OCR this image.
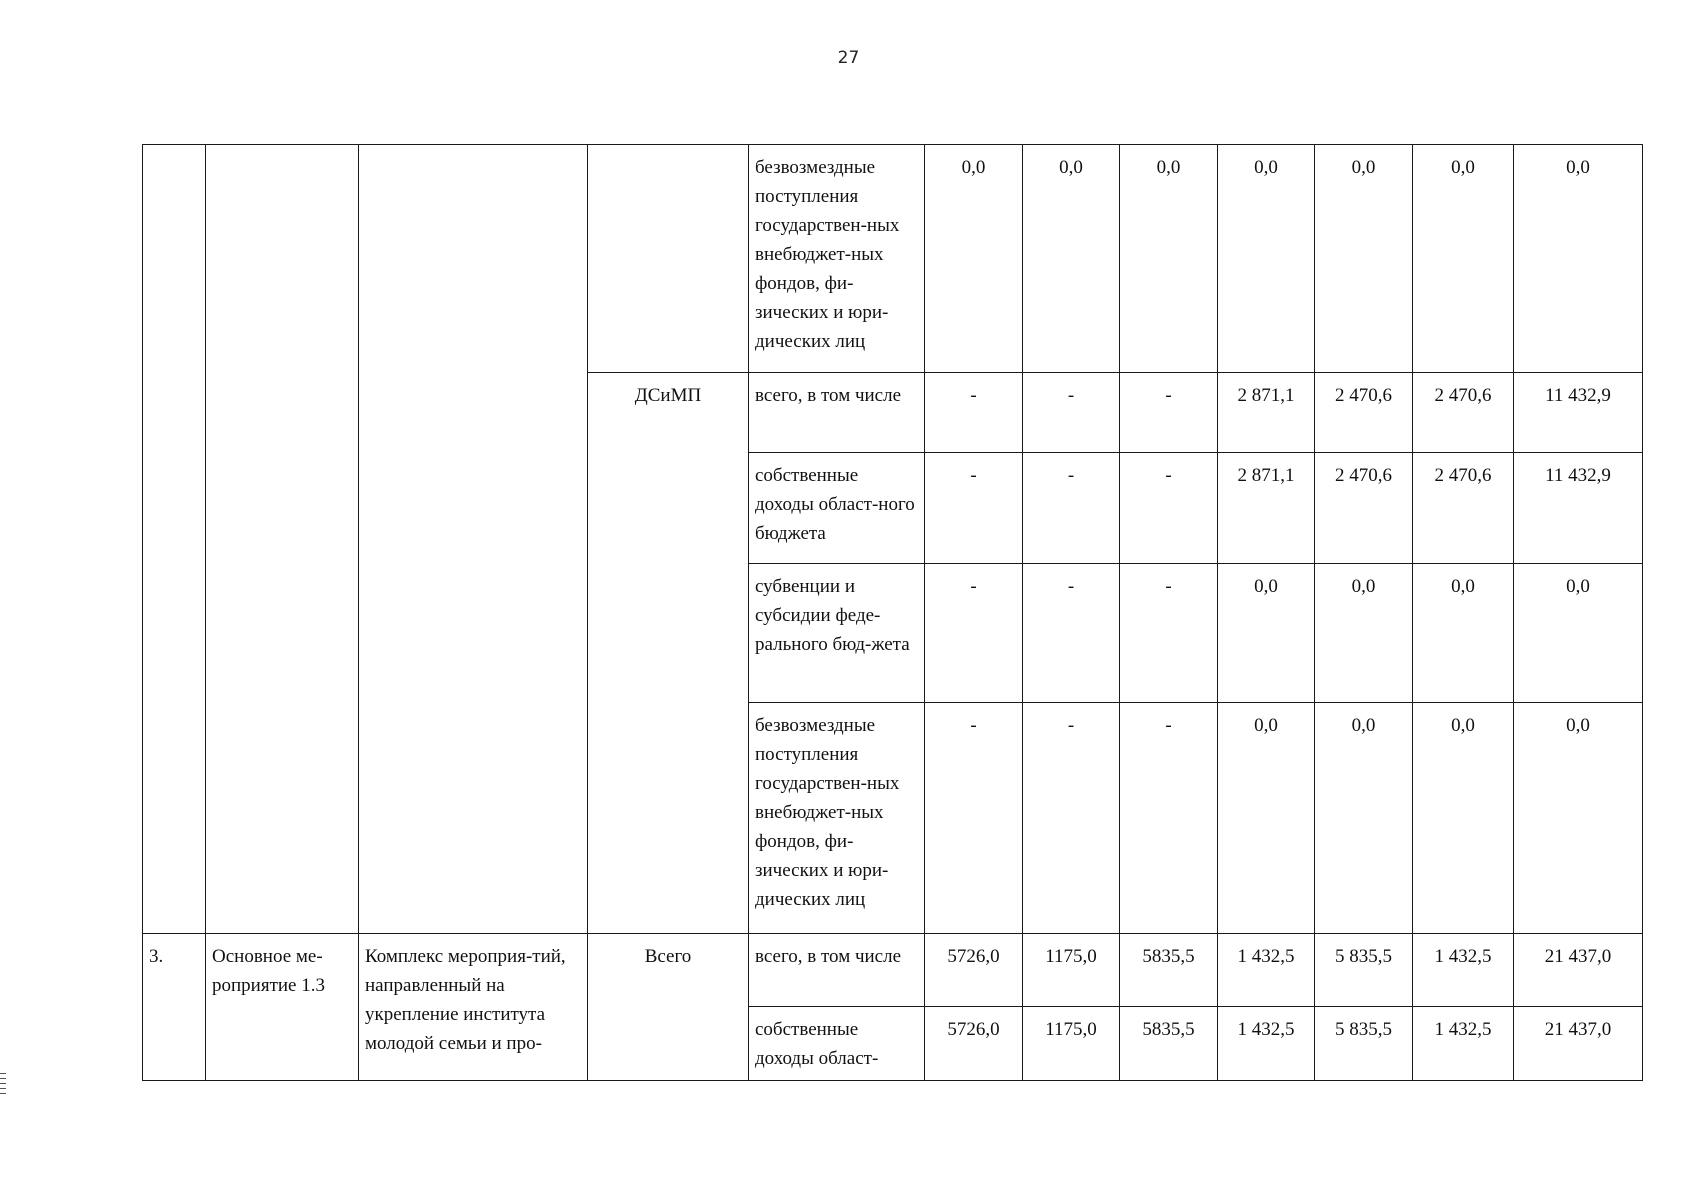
27
				безвозмездные поступления государствен-ных внебюджет-ных фондов, фи-зических и юри-дических лиц	0,0	0,0	0,0	0,0	0,0	0,0	0,0
			ДСиМП	всего, в том числе	-	-	-	2 871,1	2 470,6	2 470,6	11 432,9
				собственные доходы област-ного бюджета	-	-	-	2 871,1	2 470,6	2 470,6	11 432,9
				субвенции и субсидии феде-рального бюд-жета	-	-	-	0,0	0,0	0,0	0,0
				безвозмездные поступления государствен-ных внебюджет-ных фондов, фи-зических и юри-дических лиц	-	-	-	0,0	0,0	0,0	0,0
3.	Основное ме-роприятие 1.3	Комплекс мероприя-тий, направленный на укрепление института молодой семьи и про-	Всего	всего, в том числе	5726,0	1175,0	5835,5	1 432,5	5 835,5	1 432,5	21 437,0
				собственные доходы област-	5726,0	1175,0	5835,5	1 432,5	5 835,5	1 432,5	21 437,0
